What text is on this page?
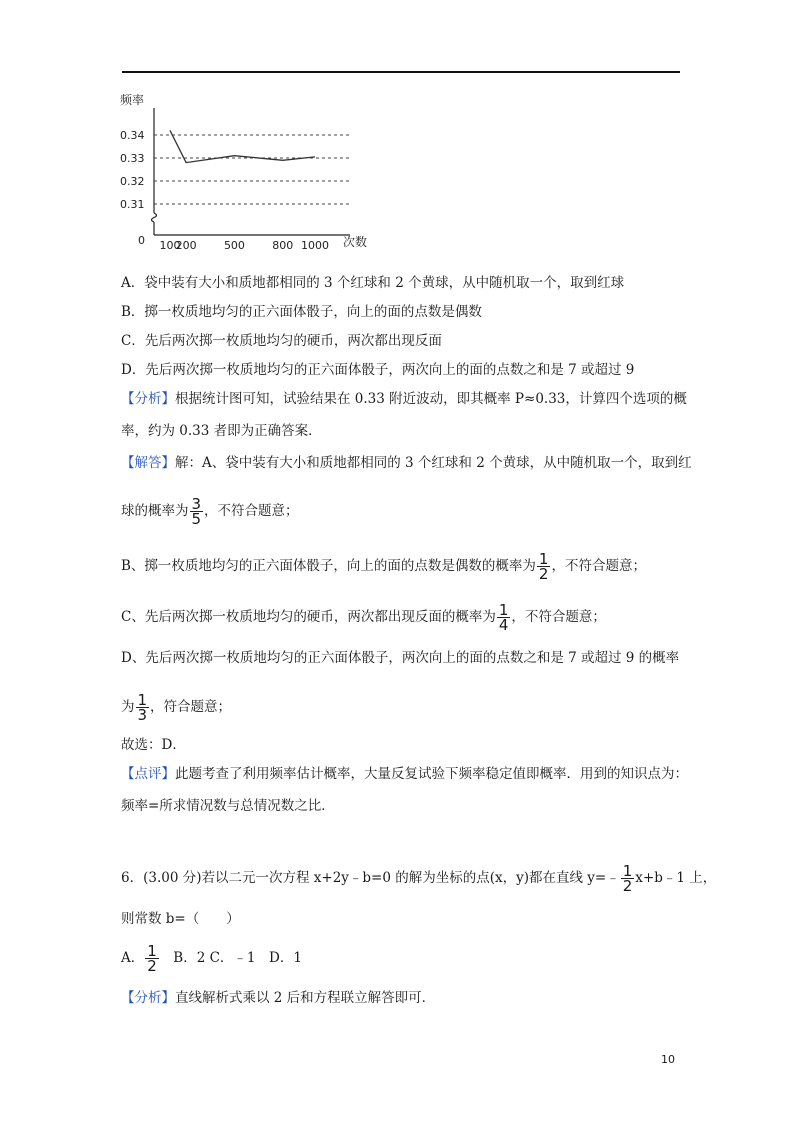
频率
0	次数
0.34
0.33
0.32
0.31
100
200 500 800 1000
A．袋中装有大小和质地都相同的 3 个红球和 2 个黄球，从中随机取一个，取到红球
B．掷一枚质地均匀的正六面体骰子，向上的面的点数是偶数
C．先后两次掷一枚质地均匀的硬币，两次都出现反面
D．先后两次掷一枚质地均匀的正六面体骰子，两次向上的面的点数之和是 7 或超过 9
【分析】根据统计图可知，试验结果在 0.33 附近波动，即其概率 P≈0.33，计算四个选项的概
率，约为 0.33 者即为正确答案．
【解答】解：A、袋中装有大小和质地都相同的 3 个红球和 2 个黄球，从中随机取一个，取到红
球的概率为 $\frac{3}{5}$ ，不符合题意；
B、掷一枚质地均匀的正六面体骰子，向上的面的点数是偶数的概率为 $\frac{1}{2}$ ，不符合题意；
C、先后两次掷一枚质地均匀的硬币，两次都出现反面的概率为 $\frac{1}{4}$ ，不符合题意；
D、先后两次掷一枚质地均匀的正六面体骰子，两次向上的面的点数之和是 7 或超过 9 的概率
为 $\frac{1}{3}$ ，符合题意；
故选：D．
【点评】此题考查了利用频率估计概率，大量反复试验下频率稳定值即概率．用到的知识点为：
频率=所求情况数与总情况数之比．
6．(3.00 分)若以二元一次方程 x+2y﹣b=0 的解为坐标的点(x，y)都在直线 y=﹣ $\frac{1}{2}$ x+b﹣1 上，
则常数 b=（　　）
A． $\frac{1}{2}$ 　B．2 C．﹣1　D．1
【分析】直线解析式乘以 2 后和方程联立解答即可．
10
